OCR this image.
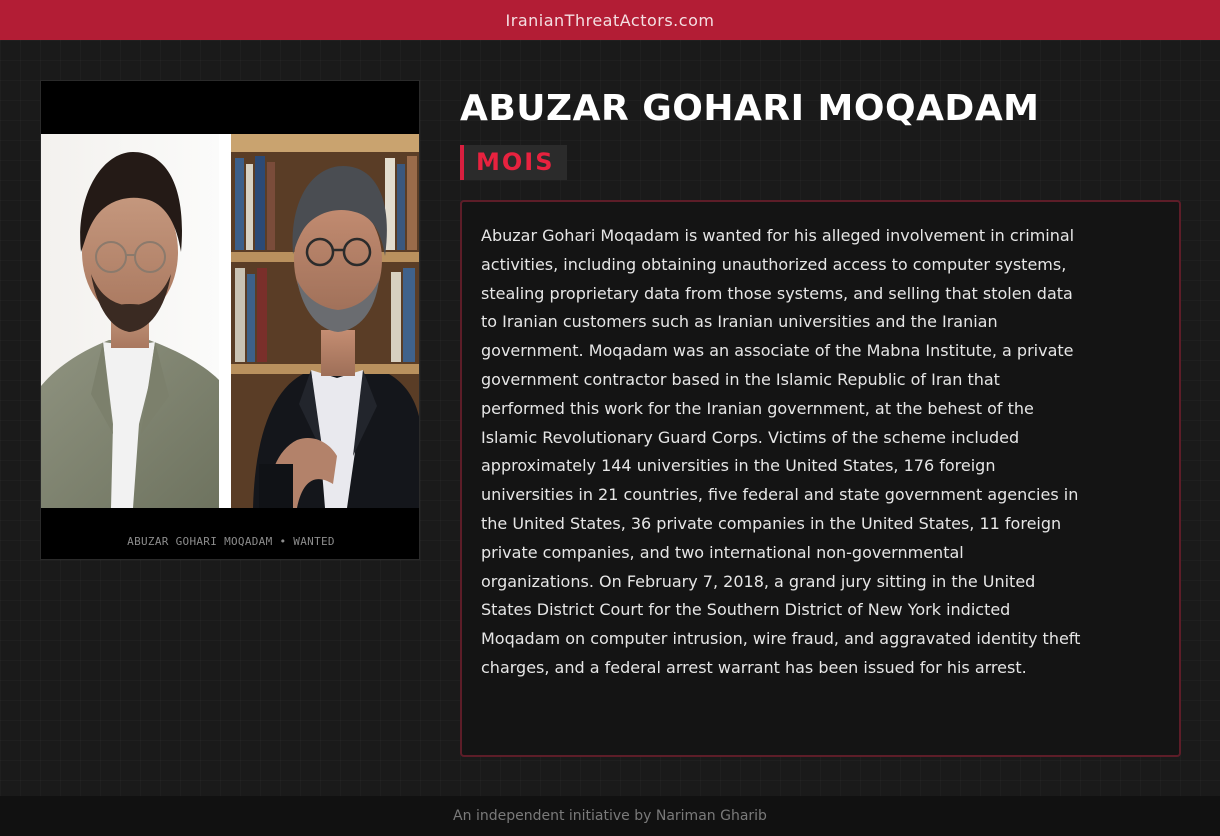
IranianThreatActors.com
ABUZAR GOHARI MOQADAM • WANTED
ABUZAR GOHARI MOQADAM
MOIS

Abuzar Gohari Moqadam is wanted for his alleged involvement in criminal activities, including obtaining unauthorized access to computer systems, stealing proprietary data from those systems, and selling that stolen data to Iranian customers such as Iranian universities and the Iranian government. Moqadam was an associate of the Mabna Institute, a private government contractor based in the Islamic Republic of Iran that performed this work for the Iranian government, at the behest of the Islamic Revolutionary Guard Corps. Victims of the scheme included approximately 144 universities in the United States, 176 foreign universities in 21 countries, five federal and state government agencies in the United States, 36 private companies in the United States, 11 foreign private companies, and two international non-governmental organizations. On February 7, 2018, a grand jury sitting in the United States District Court for the Southern District of New York indicted Moqadam on computer intrusion, wire fraud, and aggravated identity theft charges, and a federal arrest warrant has been issued for his arrest.

An independent initiative by Nariman Gharib
